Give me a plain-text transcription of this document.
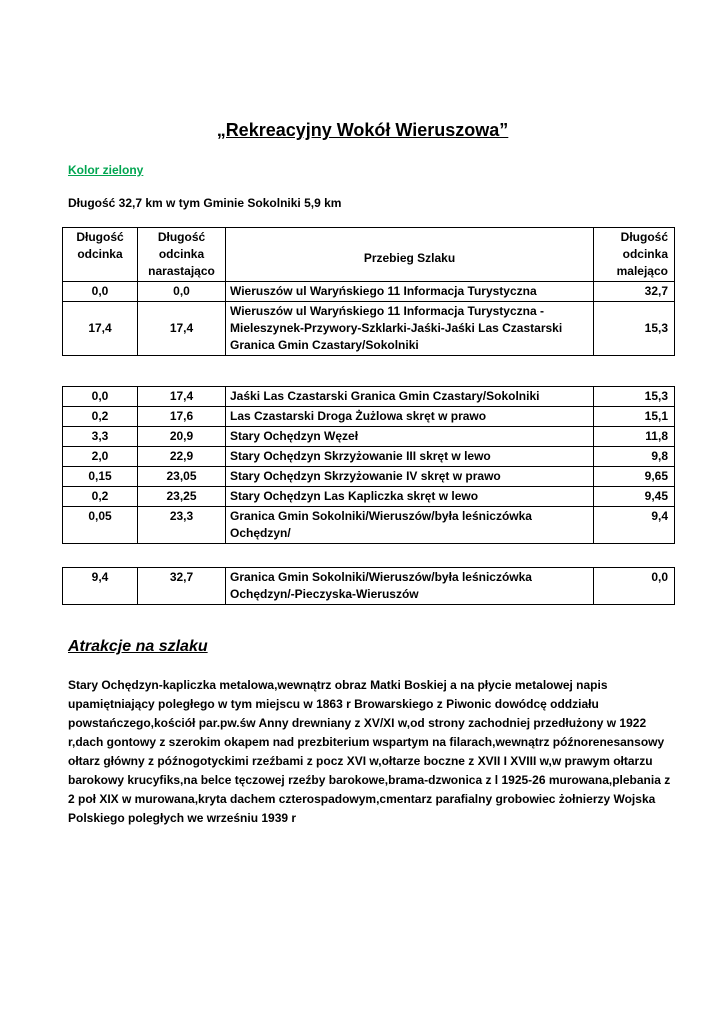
„Rekreacyjny Wokół Wieruszowa”
Kolor zielony
Długość 32,7 km w tym Gminie Sokolniki 5,9 km
Długość odcinka	Długość odcinka narastająco	Przebieg Szlaku	Długość odcinka malejąco
0,0	0,0	Wieruszów ul Waryńskiego 11 Informacja Turystyczna	32,7
17,4	17,4	Wieruszów ul Waryńskiego 11 Informacja Turystyczna - Mieleszynek-Przywory-Szklarki-Jaśki-Jaśki Las Czastarski Granica Gmin Czastary/Sokolniki	15,3
0,0	17,4	Jaśki Las Czastarski Granica Gmin Czastary/Sokolniki	15,3
0,2	17,6	Las Czastarski Droga Żużlowa skręt w prawo	15,1
3,3	20,9	Stary Ochędzyn Węzeł	11,8
2,0	22,9	Stary Ochędzyn Skrzyżowanie III skręt w lewo	9,8
0,15	23,05	Stary Ochędzyn Skrzyżowanie IV skręt w prawo	9,65
0,2	23,25	Stary Ochędzyn Las Kapliczka skręt w lewo	9,45
0,05	23,3	Granica Gmin Sokolniki/Wieruszów/była leśniczówka Ochędzyn/	9,4
9,4	32,7	Granica Gmin Sokolniki/Wieruszów/była leśniczówka Ochędzyn/-Pieczyska-Wieruszów	0,0
Atrakcje na szlaku
Stary Ochędzyn-kapliczka metalowa,wewnątrz obraz Matki Boskiej a na płycie metalowej napis upamiętniający poległego w tym miejscu w 1863 r Browarskiego z Piwonic dowódcę oddziału powstańczego,kościół par.pw.św Anny drewniany z XV/XI w,od strony zachodniej przedłużony w 1922 r,dach gontowy z szerokim okapem nad prezbiterium wspartym na filarach,wewnątrz późnorenesansowy ołtarz główny z późnogotyckimi rzeźbami z pocz XVI w,ołtarze boczne z XVII I XVIII w,w prawym ołtarzu barokowy krucyfiks,na belce tęczowej rzeźby barokowe,brama-dzwonica z l 1925-26 murowana,plebania z 2 poł XIX w murowana,kryta dachem czterospadowym,cmentarz parafialny grobowiec żołnierzy Wojska Polskiego poległych we wrześniu 1939 r
